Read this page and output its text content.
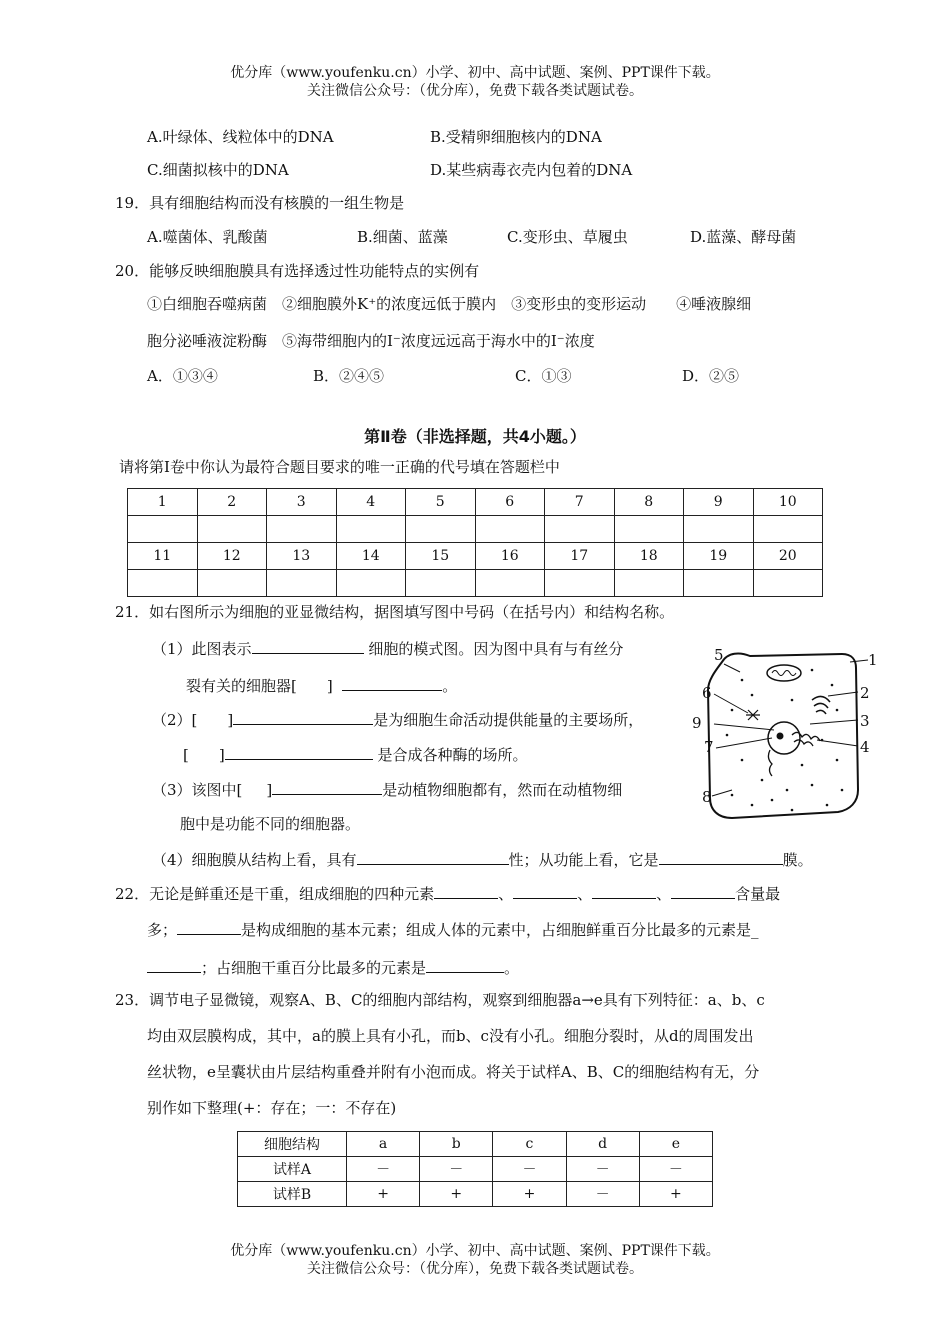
优分库（www.youfenku.cn）小学、初中、高中试题、案例、PPT课件下载。
关注微信公众号：（优分库），免费下载各类试题试卷。
A.叶绿体、线粒体中的DNA	B.受精卵细胞核内的DNA
C.细菌拟核中的DNA	D.某些病毒衣壳内包着的DNA
19．具有细胞结构而没有核膜的一组生物是
A.噬菌体、乳酸菌	B.细菌、蓝藻	C.变形虫、草履虫	D.蓝藻、酵母菌
20．能够反映细胞膜具有选择透过性功能特点的实例有
①白细胞吞噬病菌　②细胞膜外K⁺的浓度远低于膜内　③变形虫的变形运动　　④唾液腺细
胞分泌唾液淀粉酶　⑤海带细胞内的I⁻浓度远远高于海水中的I⁻浓度
A．①③④	B．②④⑤	C．①③	D．②⑤
第Ⅱ卷（非选择题，共4小题。）
请将第Ⅰ卷中你认为最符合题目要求的唯一正确的代号填在答题栏中
1	2	3	4	5	6	7	8	9	10

11	12	13	14	15	16	17	18	19	20

21．如右图所示为细胞的亚显微结构，据图填写图中号码（在括号内）和结构名称。
（1）此图表示	细胞的模式图。因为图中具有与有丝分
裂有关的细胞器[ ]	。
（2）[ ]	是为细胞生命活动提供能量的主要场所，
[ ]	是合成各种酶的场所。
（3）该图中[ ]	是动植物细胞都有，然而在动植物细
胞中是功能不同的细胞器。
（4）细胞膜从结构上看，具有	性；从功能上看，它是	膜。
1
2
3
4
5
6
7
8
9
22．无论是鲜重还是干重，组成细胞的四种元素	、	、	、	含量最
多；	是构成细胞的基本元素；组成人体的元素中，占细胞鲜重百分比最多的元素是_
；占细胞干重百分比最多的元素是	。
23．调节电子显微镜，观察A、B、C的细胞内部结构，观察到细胞器a→e具有下列特征：a、b、c
均由双层膜构成，其中，a的膜上具有小孔，而b、c没有小孔。细胞分裂时，从d的周围发出
丝状物，e呈囊状由片层结构重叠并附有小泡而成。将关于试样A、B、C的细胞结构有无，分
别作如下整理(+：存在；一：不存在)
细胞结构	a	b	c	d	e
试样A	－	－	－	－	－
试样B	+	+	+	－	+
优分库（www.youfenku.cn）小学、初中、高中试题、案例、PPT课件下载。
关注微信公众号：（优分库），免费下载各类试题试卷。
